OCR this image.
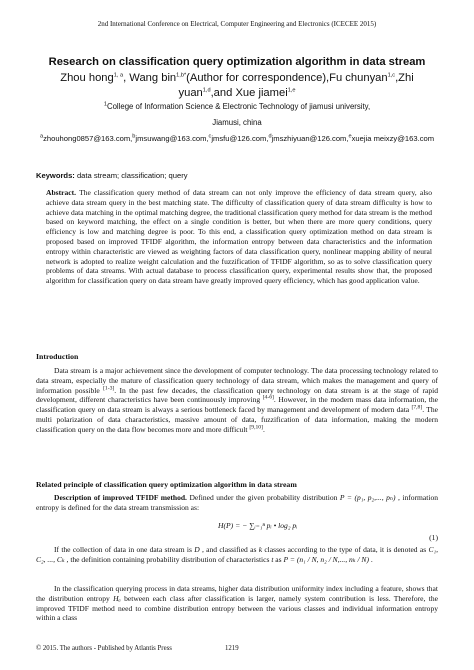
2nd International Conference on Electrical, Computer Engineering and Electronics (ICECEE 2015)
Research on classification query optimization algorithm in data stream
Zhou hong$^{1, a}$, Wang bin$^{1,b*}$(Author for correspondence),Fu chunyan$^{1,c}$,Zhi
yuan$^{1,d}$,and Xue jiamei$^{1,e}$
$^1$College of Information Science & Electronic Technology of jiamusi university,
Jiamusi, china
$^a$zhouhong0857@163.com,$^b$jmsuwang@163.com,$^c$jmsfu@126.com,$^d$jmszhiyuan@126.com,$^e$xuejia meixzy@163.com
Keywords: data stream; classification; query
Abstract. The classification query method of data stream can not only improve the efficiency of data stream query, also achieve data stream query in the best matching state. The difficulty of classification query of data stream difficulty is how to achieve data matching in the optimal matching degree, the traditional classification query method for data stream is the method based on keyword matching, the effect on a single condition is better, but when there are more query conditions, query efficiency is low and matching degree is poor. To this end, a classification query optimization method on data stream is proposed based on improved TFIDF algorithm, the information entropy between data characteristics and the information entropy within characteristic are viewed as weighting factors of data classification query, nonlinear mapping ability of neural network is adopted to realize weight calculation and the fuzzification of TFIDF algorithm, so as to solve classification query problems of data streams. With actual database to process classification query, experimental results show that, the proposed algorithm for classification query on data stream have greatly improved query efficiency, which has good application value.
Introduction
Data stream is a major achievement since the development of computer technology. The data processing technology related to data stream, especially the mature of classification query technology of data stream, which makes the management and query of information possible [1-3]. In the past few decades, the classification query technology on data stream is at the stage of rapid development, different characteristics have been continuously improving [4-6]. However, in the modern mass data information, the classification query on data stream is always a serious bottleneck faced by management and development of modern data [7,8]. The multi polarization of data characteristics, massive amount of data, fuzzification of data information, making the modern classification query on the data flow becomes more and more difficult [9,10].
Related principle of classification query optimization algorithm in data stream
Description of improved TFIDF method. Defined under the given probability distribution P = (p₁, p₂,..., pₙ) , information entropy is defined for the data stream transmission as:
H(P) = − ∑ᵢ₌₁ⁿ pᵢ • log₂ pᵢ
(1)
If the collection of data in one data stream is D , and classified as k classes according to the type of data, it is denoted as C₁, C₂, ..., Cₖ , the definition containing probability distribution of characteristics t as P = (n₁ / N, n₂ / N,..., nₖ / N) .
In the classification querying process in data streams, higher data distribution uniformity index including a feature, shows that the distribution entropy Hₐ between each class after classification is larger, namely system contribution is less. Therefore, the improved TFIDF method need to combine distribution entropy between the various classes and individual information entropy within a class
© 2015. The authors - Published by Atlantis Press	1219
